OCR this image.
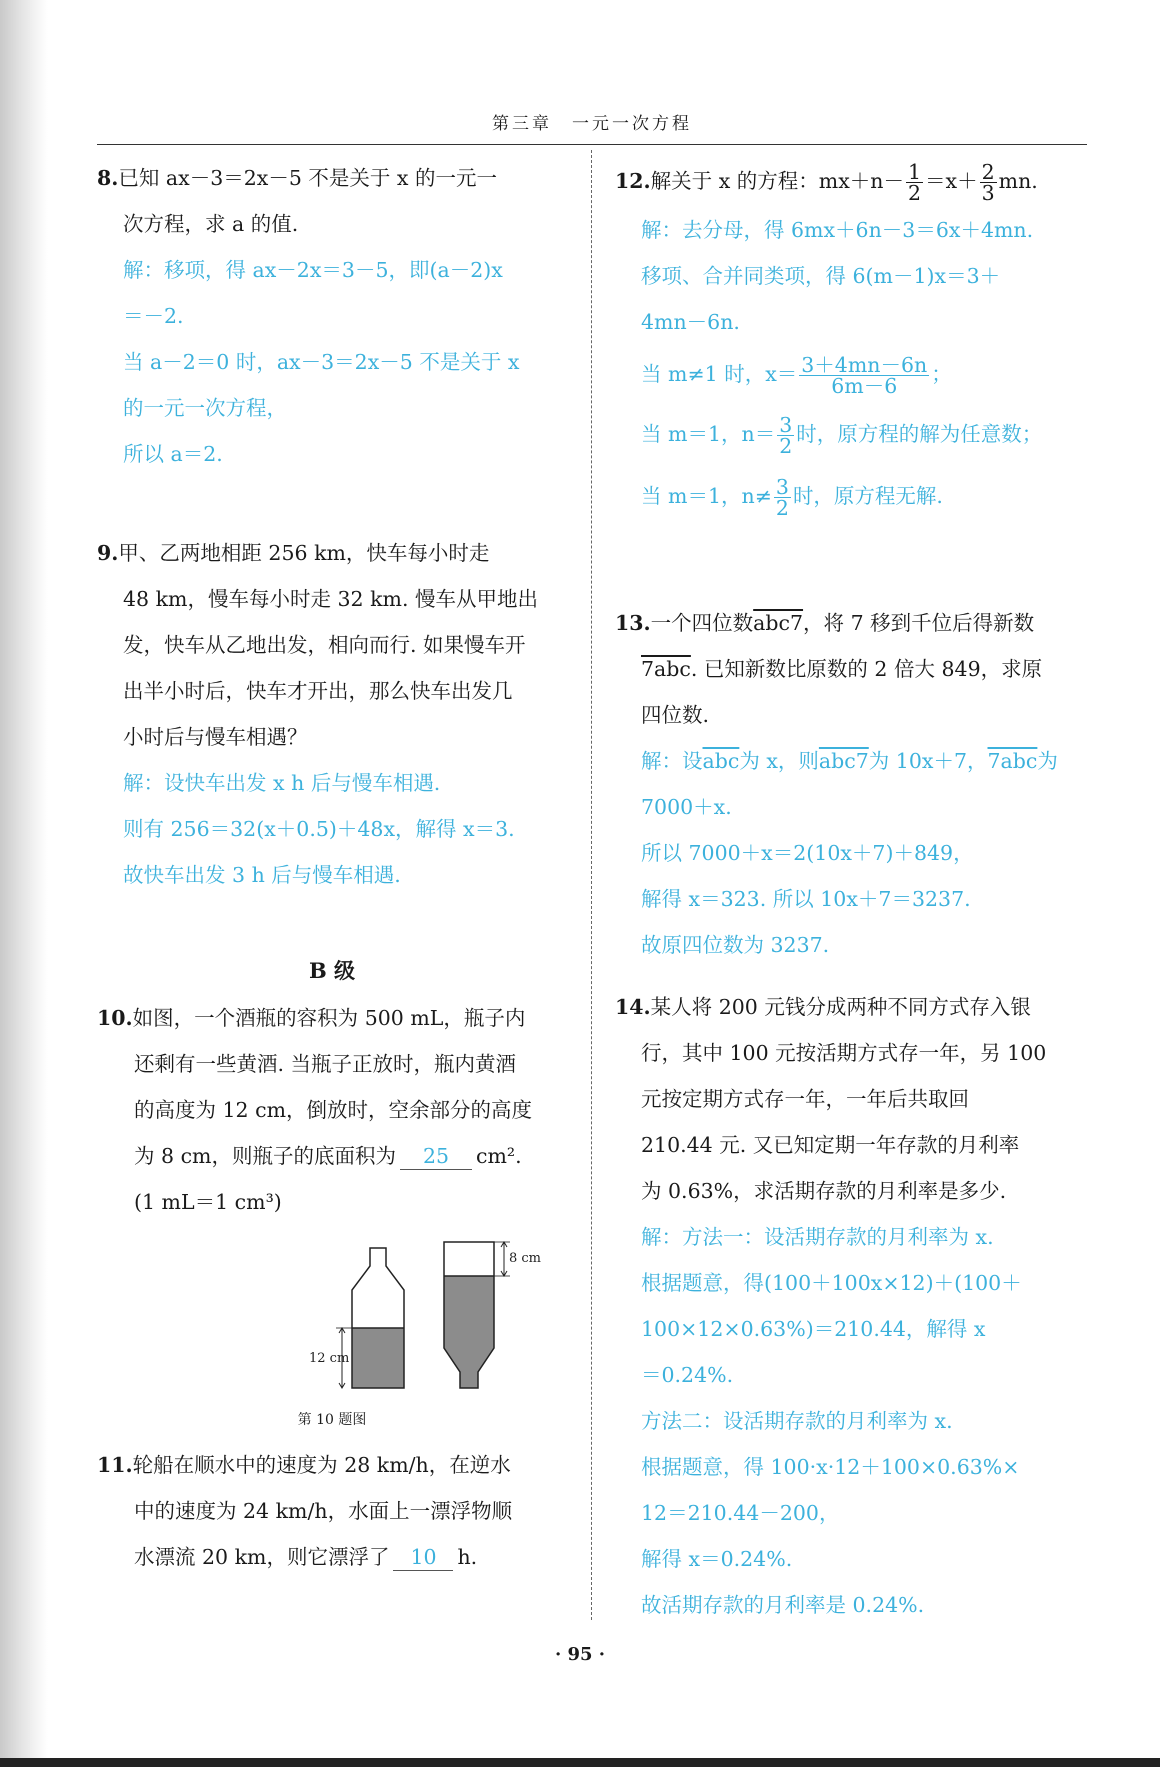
第三章　一元一次方程

8.已知 ax－3＝2x－5 不是关于 x 的一元一

次方程，求 a 的值.

解：移项，得 ax－2x＝3－5，即(a－2)x

＝－2.

当 a－2＝0 时，ax－3＝2x－5 不是关于 x

的一元一次方程，

所以 a＝2.

9.甲、乙两地相距 256 km，快车每小时走

48 km，慢车每小时走 32 km. 慢车从甲地出

发，快车从乙地出发，相向而行. 如果慢车开

出半小时后，快车才开出，那么快车出发几

小时后与慢车相遇？

解：设快车出发 x h 后与慢车相遇.

则有 256＝32(x＋0.5)＋48x，解得 x＝3.

故快车出发 3 h 后与慢车相遇.

B 级

10.如图，一个酒瓶的容积为 500 mL，瓶子内

还剩有一些黄酒. 当瓶子正放时，瓶内黄酒

的高度为 12 cm，倒放时，空余部分的高度

为 8 cm，则瓶子的底面积为 25 cm².

(1 mL＝1 cm³)

12 cm
8 cm
第 10 题图

11.轮船在顺水中的速度为 28 km/h，在逆水

中的速度为 24 km/h，水面上一漂浮物顺

水漂流 20 km，则它漂浮了 10 h.

12.解关于 x 的方程：$mx+n- \frac{1}{2} =x+ \frac{2}{3}$ mn.

解：去分母，得 6mx＋6n－3＝6x＋4mn.

移项、合并同类项，得 6(m－1)x＝3＋

4mn－6n.

当 m≠1 时，$x= \frac{3+4mn-6n}{6m-6}$ ；

当 m＝1，$n= \frac{3}{2}$ 时，原方程的解为任意数；

当 m＝1，$n\ne \frac{3}{2}$ 时，原方程无解.

13.一个四位数abc7，将 7 移到千位后得新数

7abc. 已知新数比原数的 2 倍大 849，求原

四位数.

解：设$\overline{abc}$为 x，则abc7为 10x＋7，7abc为

7000＋x.

所以 7000＋x＝2(10x＋7)＋849，

解得 x＝323. 所以 10x＋7＝3237.

故原四位数为 3237.

14.某人将 200 元钱分成两种不同方式存入银

行，其中 100 元按活期方式存一年，另 100

元按定期方式存一年，一年后共取回

210.44 元. 又已知定期一年存款的月利率

为 0.63%，求活期存款的月利率是多少.

解：方法一：设活期存款的月利率为 x.

根据题意，得(100＋100x×12)＋(100＋

100×12×0.63%)＝210.44，解得 x

＝0.24%.

方法二：设活期存款的月利率为 x.

根据题意，得 100·x·12＋100×0.63%×

12＝210.44－200，

解得 x＝0.24%.

故活期存款的月利率是 0.24%.

· 95 ·
